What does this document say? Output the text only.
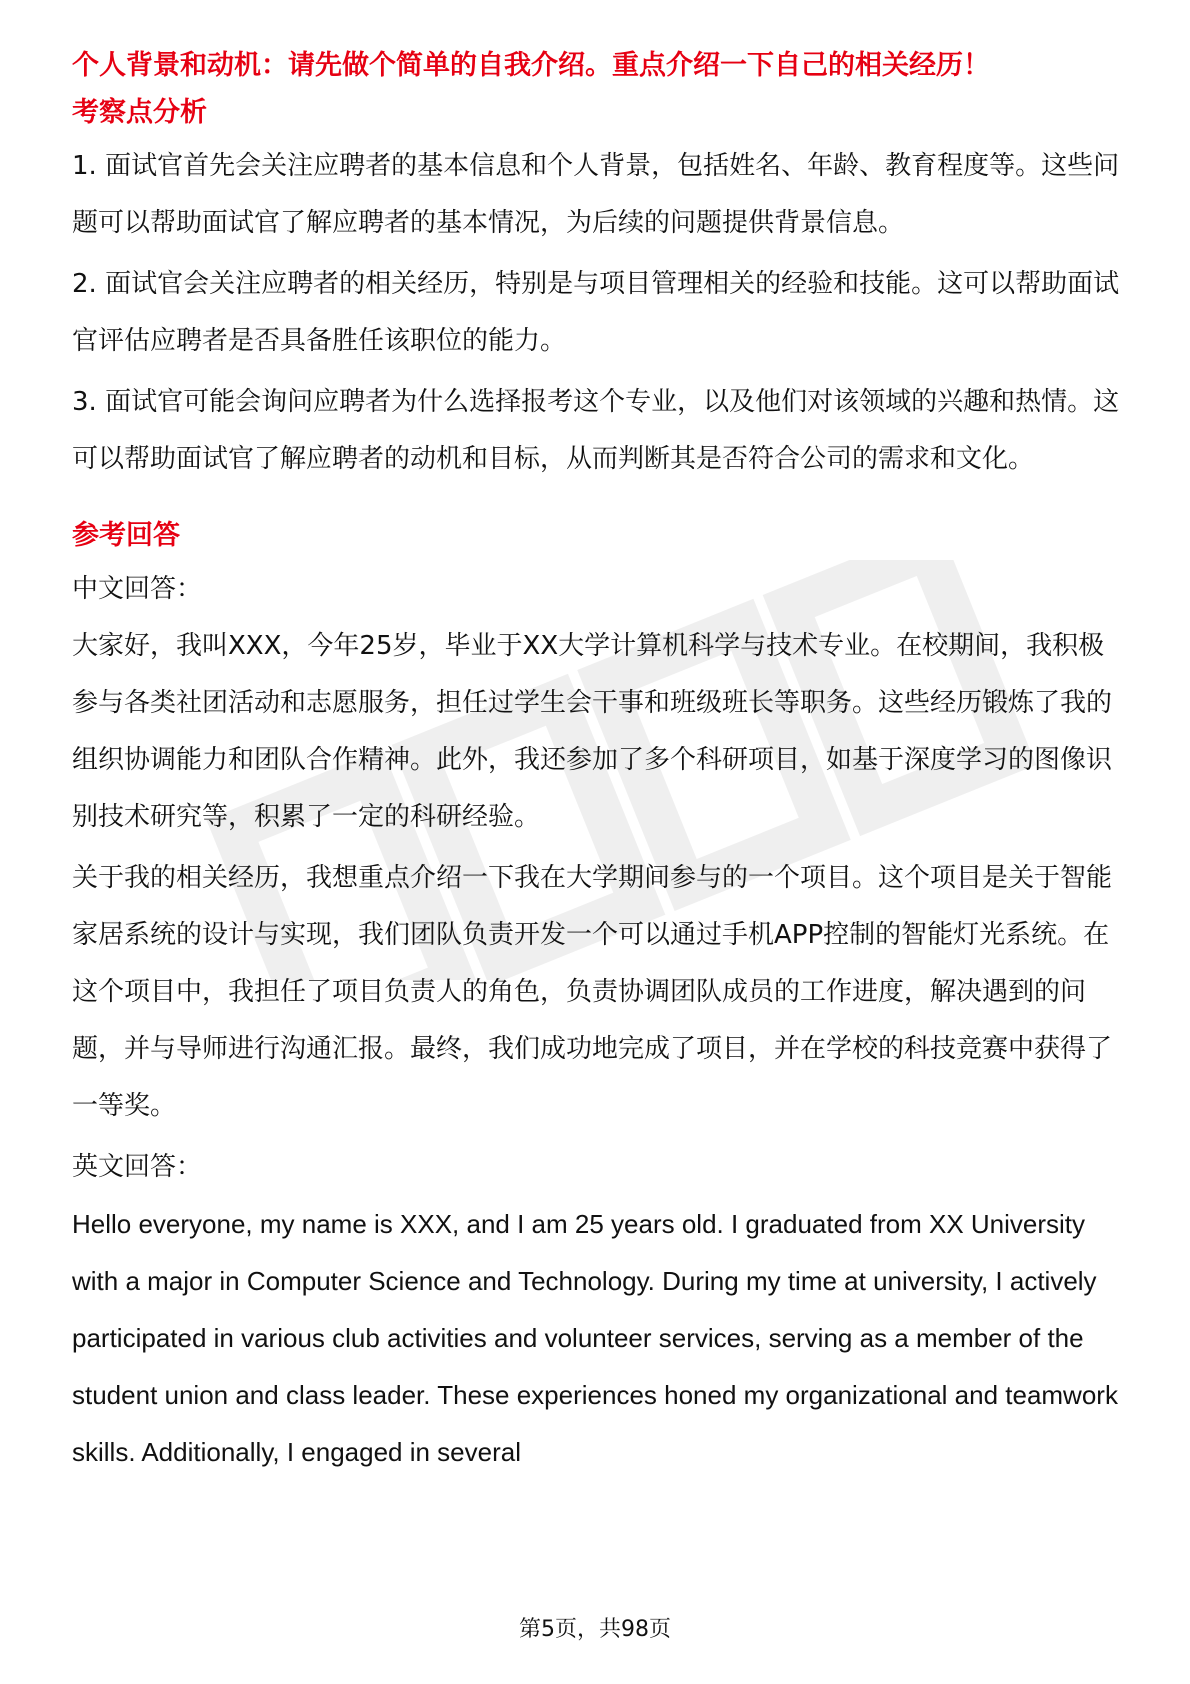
个人背景和动机：请先做个简单的自我介绍。重点介绍一下自己的相关经历！
考察点分析
1. 面试官首先会关注应聘者的基本信息和个人背景，包括姓名、年龄、教育程度等。这些问题可以帮助面试官了解应聘者的基本情况，为后续的问题提供背景信息。
2. 面试官会关注应聘者的相关经历，特别是与项目管理相关的经验和技能。这可以帮助面试官评估应聘者是否具备胜任该职位的能力。
3. 面试官可能会询问应聘者为什么选择报考这个专业，以及他们对该领域的兴趣和热情。这可以帮助面试官了解应聘者的动机和目标，从而判断其是否符合公司的需求和文化。
参考回答
中文回答：
大家好，我叫XXX，今年25岁，毕业于XX大学计算机科学与技术专业。在校期间，我积极参与各类社团活动和志愿服务，担任过学生会干事和班级班长等职务。这些经历锻炼了我的组织协调能力和团队合作精神。此外，我还参加了多个科研项目，如基于深度学习的图像识别技术研究等，积累了一定的科研经验。
关于我的相关经历，我想重点介绍一下我在大学期间参与的一个项目。这个项目是关于智能家居系统的设计与实现，我们团队负责开发一个可以通过手机APP控制的智能灯光系统。在这个项目中，我担任了项目负责人的角色，负责协调团队成员的工作进度，解决遇到的问题，并与导师进行沟通汇报。最终，我们成功地完成了项目，并在学校的科技竞赛中获得了一等奖。
英文回答：
Hello everyone, my name is XXX, and I am 25 years old. I graduated from XX University with a major in Computer Science and Technology. During my time at university, I actively participated in various club activities and volunteer services, serving as a member of the student union and class leader. These experiences honed my organizational and teamwork skills. Additionally, I engaged in several
第5页，共98页
